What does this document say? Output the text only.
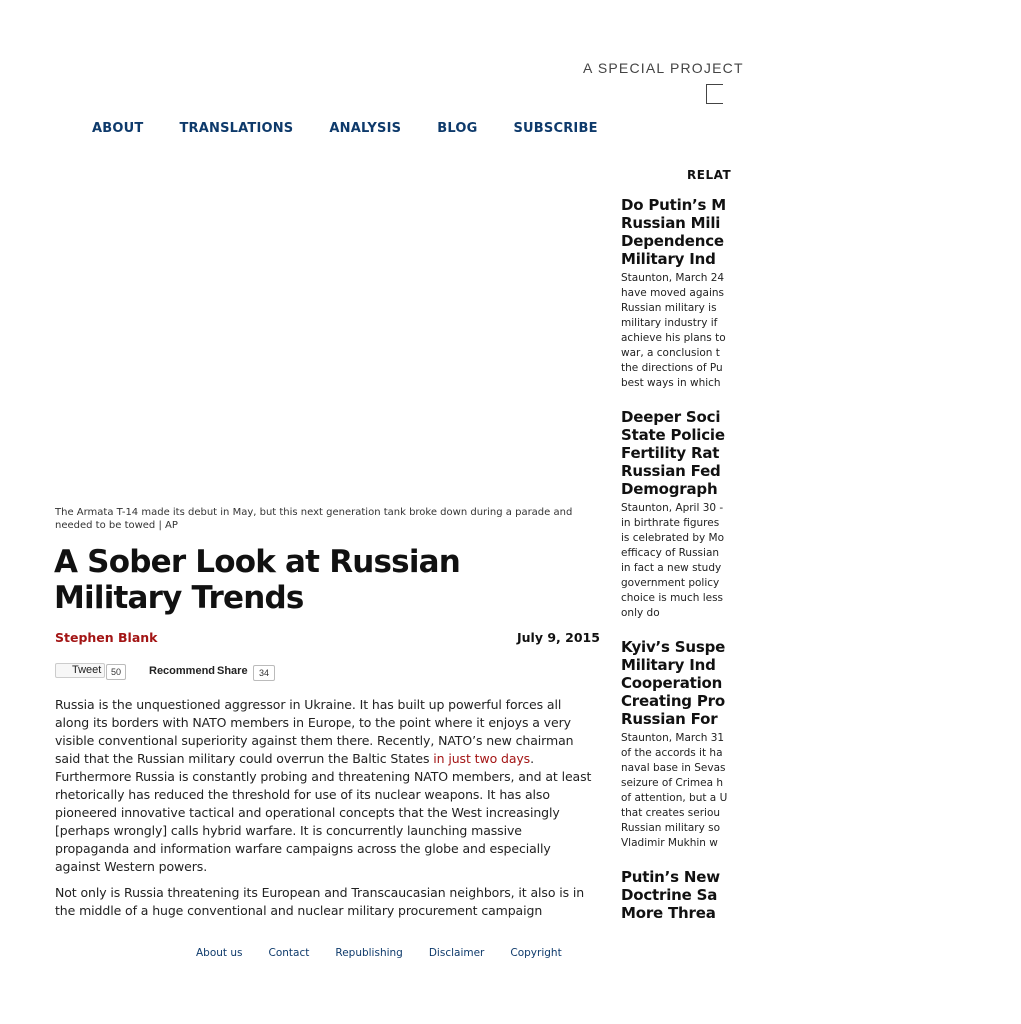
A SPECIAL PROJECT
ABOUT	TRANSLATIONS	ANALYSIS	BLOG	SUBSCRIBE
The Armata T-14 made its debut in May, but this next generation tank broke down during a parade and needed to be towed | AP
A Sober Look at Russian Military Trends
Stephen Blank	July 9, 2015
Tweet	50	Recommend Share	34

Russia is the unquestioned aggressor in Ukraine. It has built up powerful forces all along its borders with NATO members in Europe, to the point where it enjoys a very visible conventional superiority against them there. Recently, NATO’s new chairman said that the Russian military could overrun the Baltic States in just two days. Furthermore Russia is constantly probing and threatening NATO members, and at least rhetorically has reduced the threshold for use of its nuclear weapons. It has also pioneered innovative tactical and operational concepts that the West increasingly [perhaps wrongly] calls hybrid warfare. It is concurrently launching massive propaganda and information warfare campaigns across the globe and especially against Western powers.

Not only is Russia threatening its European and Transcaucasian neighbors, it also is in the middle of a huge conventional and nuclear military procurement campaign

RELAT
Do Putin’s M
Russian Mili
Dependence
Military Ind
Staunton, March 24
have moved agains
Russian military is
military industry if
achieve his plans to
war, a conclusion t
the directions of Pu
best ways in which
Deeper Soci
State Policie
Fertility Rat
Russian Fed
Demograph
Staunton, April 30 -
in birthrate figures
is celebrated by Mo
efficacy of Russian
in fact a new study
government policy
choice is much less
only do
Kyiv’s Suspe
Military Ind
Cooperation
Creating Pro
Russian For
Staunton, March 31
of the accords it ha
naval base in Sevas
seizure of Crimea h
of attention, but a U
that creates seriou
Russian military so
Vladimir Mukhin w
Putin’s New
Doctrine Sa
More Threa
About us Contact Republishing Disclaimer Copyright
